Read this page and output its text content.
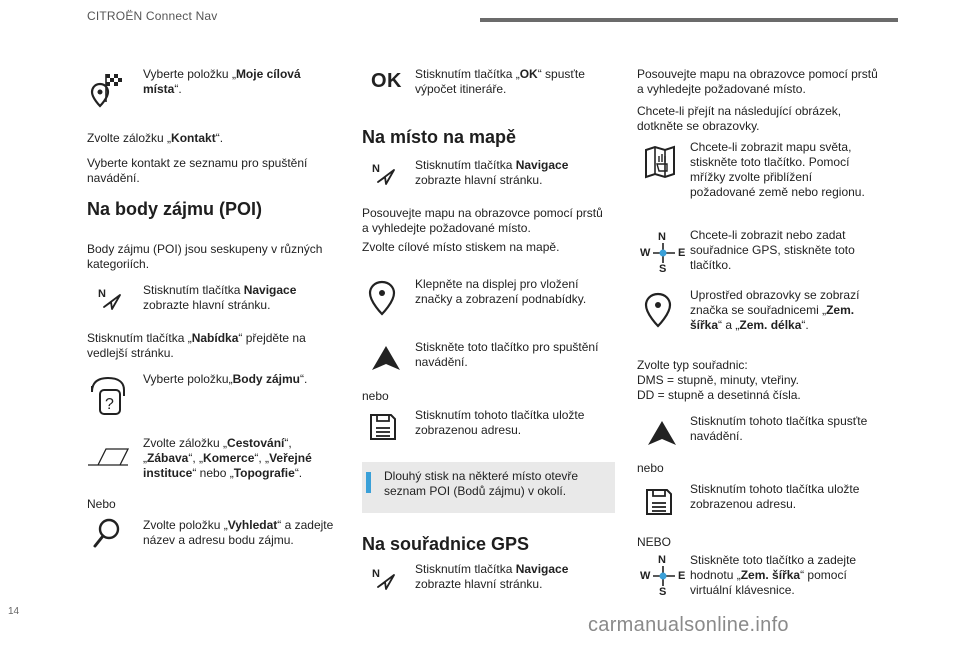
CITROËN Connect Nav
Vyberte položku „Moje cílová místa“.
Zvolte záložku „Kontakt“.
Vyberte kontakt ze seznamu pro spuštění navádění.
Na body zájmu (POI)
Body zájmu (POI) jsou seskupeny v různých kategoriích.
N	Stisknutím tlačítka Navigace zobrazte hlavní stránku.
Stisknutím tlačítka „Nabídka“ přejděte na vedlejší stránku.
?
Vyberte položku„Body zájmu“.
Zvolte záložku „Cestování“, „Zábava“, „Komerce“, „Veřejné instituce“ nebo „Topografie“.
Nebo
Zvolte položku „Vyhledat“ a zadejte název a adresu bodu zájmu.
OK Stisknutím tlačítka „OK“ spusťte výpočet itineráře.
Na místo na mapě
N	Stisknutím tlačítka Navigace zobrazte hlavní stránku.
Posouvejte mapu na obrazovce pomocí prstů a vyhledejte požadované místo.
Zvolte cílové místo stiskem na mapě.
Klepněte na displej pro vložení značky a zobrazení podnabídky.
Stiskněte toto tlačítko pro spuštění navádění.
nebo
Stisknutím tohoto tlačítka uložte zobrazenou adresu.
Dlouhý stisk na některé místo otevře seznam POI (Bodů zájmu) v okolí.
Na souřadnice GPS
N	Stisknutím tlačítka Navigace zobrazte hlavní stránku.
Posouvejte mapu na obrazovce pomocí prstů a vyhledejte požadované místo.
Chcete-li přejít na následující obrázek, dotkněte se obrazovky.
Chcete-li zobrazit mapu světa, stiskněte toto tlačítko. Pomocí mřížky zvolte přiblížení požadované země nebo regionu.
N
S
W	E
Chcete-li zobrazit nebo zadat souřadnice GPS, stiskněte toto tlačítko.
Uprostřed obrazovky se zobrazí značka se souřadnicemi „Zem. šířka“ a „Zem. délka“.
Zvolte typ souřadnic:
DMS = stupně, minuty, vteřiny.
DD = stupně a desetinná čísla.
Stisknutím tohoto tlačítka spusťte navádění.
nebo
Stisknutím tohoto tlačítka uložte zobrazenou adresu.
NEBO
N
S
W	E
Stiskněte toto tlačítko a zadejte hodnotu „Zem. šířka“ pomocí virtuální klávesnice.
14
carmanualsonline.info
